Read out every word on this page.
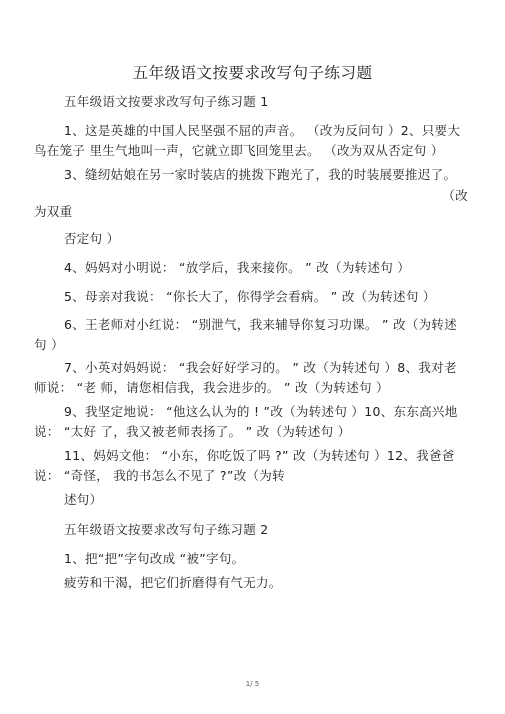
五年级语文按要求改写句子练习题
五年级语文按要求改写句子练习题 1
1、这是英雄的中国人民坚强不屈的声音。 （改为反问句 ）2、只要大鸟在笼子 里生气地叫一声，它就立即飞回笼里去。 （改为双从否定句 ）
3、缝纫姑娘在另一家时装店的挑拨下跑光了，我的时装展要推迟了。
（改
为双重
否定句 ）
4、妈妈对小明说： “放学后，我来接你。 ” 改（为转述句 ）
5、母亲对我说： “你长大了，你得学会看病。 ” 改（为转述句 ）
6、王老师对小红说： “别泄气，我来辅导你复习功课。 ” 改（为转述句 ）
7、小英对妈妈说： “我会好好学习的。 ” 改（为转述句 ）8、我对老师说： “老 师，请您相信我，我会进步的。 ” 改（为转述句 ）
9、我坚定地说： “他这么认为的 ! ”改（为转述句 ）10、东东高兴地说： “太好 了，我又被老师表扬了。 ” 改（为转述句 ）
11、妈妈文他： “小东，你吃饭了吗 ?” 改（为转述句 ）12、我爸爸说： “奇怪， 我的书怎么不见了 ?”改（为转
述句）
五年级语文按要求改写句子练习题 2
1、把“把”字句改成 “被”字句。
疲劳和干渴，把它们折磨得有气无力。
1/ 5
